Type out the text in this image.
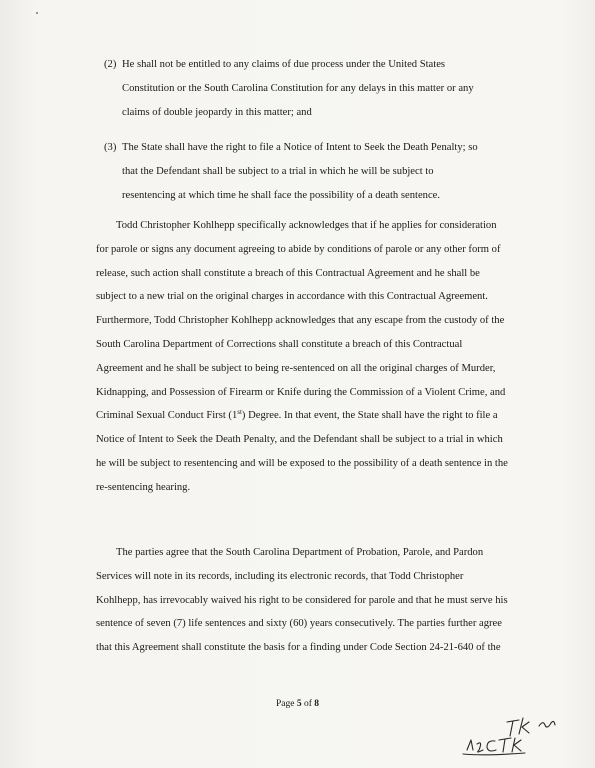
(2) He shall not be entitled to any claims of due process under the United States
Constitution or the South Carolina Constitution for any delays in this matter or any
claims of double jeopardy in this matter; and
(3) The State shall have the right to file a Notice of Intent to Seek the Death Penalty; so
that the Defendant shall be subject to a trial in which he will be subject to
resentencing at which time he shall face the possibility of a death sentence.
Todd Christopher Kohlhepp specifically acknowledges that if he applies for consideration
for parole or signs any document agreeing to abide by conditions of parole or any other form of
release, such action shall constitute a breach of this Contractual Agreement and he shall be
subject to a new trial on the original charges in accordance with this Contractual Agreement.
Furthermore, Todd Christopher Kohlhepp acknowledges that any escape from the custody of the
South Carolina Department of Corrections shall constitute a breach of this Contractual
Agreement and he shall be subject to being re-sentenced on all the original charges of Murder,
Kidnapping, and Possession of Firearm or Knife during the Commission of a Violent Crime, and
Criminal Sexual Conduct First (1st) Degree. In that event, the State shall have the right to file a
Notice of Intent to Seek the Death Penalty, and the Defendant shall be subject to a trial in which
he will be subject to resentencing and will be exposed to the possibility of a death sentence in the
re-sentencing hearing.
The parties agree that the South Carolina Department of Probation, Parole, and Pardon
Services will note in its records, including its electronic records, that Todd Christopher
Kohlhepp, has irrevocably waived his right to be considered for parole and that he must serve his
sentence of seven (7) life sentences and sixty (60) years consecutively. The parties further agree
that this Agreement shall constitute the basis for a finding under Code Section 24-21-640 of the
Page 5 of 8
